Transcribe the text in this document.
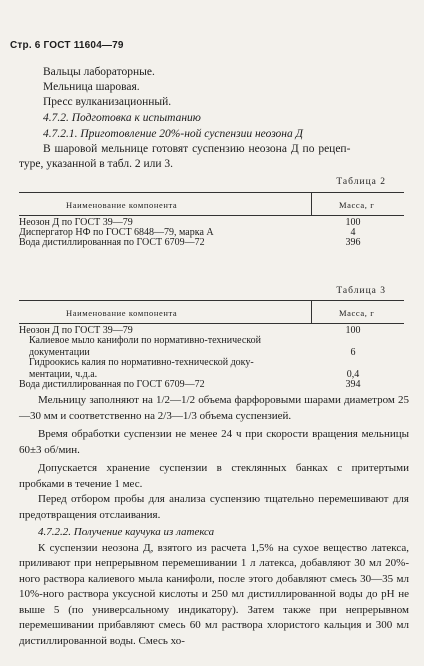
Стр. 6 ГОСТ 11604—79
Вальцы лабораторные.
Мельница шаровая.
Пресс вулканизационный.
4.7.2. Подготовка к испытанию
4.7.2.1. Приготовление 20%-ной суспензии неозона Д
В шаровой мельнице готовят суспензию неозона Д по рецеп-
туре, указанной в табл. 2 или 3.
Таблица 2
Наименование компонента	Масса, г
Неозон Д по ГОСТ 39—79	100
Диспергатор НФ по ГОСТ 6848—79, марка А	4
Вода дистиллированная по ГОСТ 6709—72	396
Таблица 3
Наименование компонента	Масса, г
Неозон Д по ГОСТ 39—79	100
Калиевое мыло канифоли по нормативно-технической
документации	6
Гидроокись калия по нормативно-технической доку-
ментации, ч.д.а.	0,4
Вода дистиллированная по ГОСТ 6709—72	394

Мельницу заполняют на 1/2—1/2 объема фарфоровыми шарами диаметром 25—30 мм и соответственно на 2/3—1/3 объема суспензией.

Время обработки суспензии не менее 24 ч при скорости вращения мельницы 60±3 об/мин.

Допускается хранение суспензии в стеклянных банках с притертыми пробками в течение 1 мес.

Перед отбором пробы для анализа суспензию тщательно перемешивают для предотвращения отслаивания.

4.7.2.2. Получение каучука из латекса

К суспензии неозона Д, взятого из расчета 1,5% на сухое вещество латекса, приливают при непрерывном перемешивании 1 л латекса, добавляют 30 мл 20%-ного раствора калиевого мыла канифоли, после этого добавляют смесь 30—35 мл 10%-ного раствора уксусной кислоты и 250 мл дистиллированной воды до pH не выше 5 (по универсальному индикатору). Затем также при непрерывном перемешивании прибавляют смесь 60 мл раствора хлористого кальция и 300 мл дистиллированной воды. Смесь хо-
